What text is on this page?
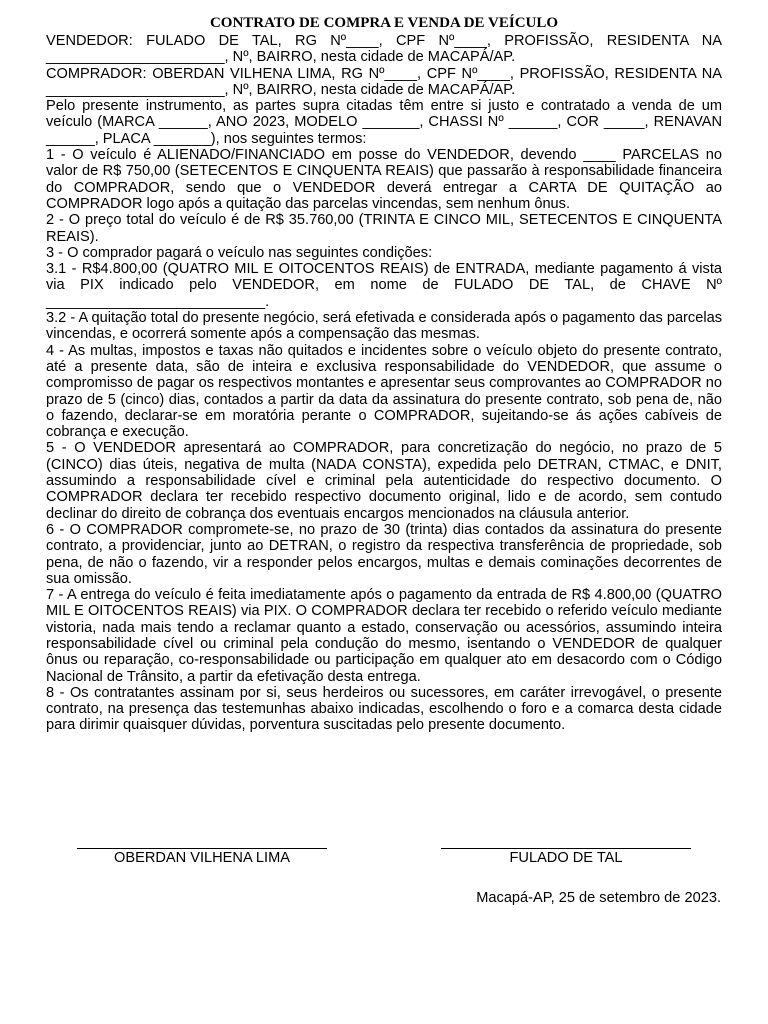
CONTRATO DE COMPRA E VENDA DE VEÍCULO

VENDEDOR: FULADO DE TAL, RG Nº____, CPF Nº____, PROFISSÃO, RESIDENTA NA ______________________, Nº, BAIRRO, nesta cidade de MACAPÁ/AP.

COMPRADOR: OBERDAN VILHENA LIMA, RG Nº____, CPF Nº____, PROFISSÃO, RESIDENTA NA ______________________, Nº, BAIRRO, nesta cidade de MACAPÁ/AP.

Pelo presente instrumento, as partes supra citadas têm entre si justo e contratado a venda de um veículo (MARCA ______, ANO 2023, MODELO _______, CHASSI Nº ______, COR _____, RENAVAN ______, PLACA _______), nos seguintes termos:

1 - O veículo é ALIENADO/FINANCIADO em posse do VENDEDOR, devendo ____ PARCELAS no valor de R$ 750,00 (SETECENTOS E CINQUENTA REAIS) que passarão à responsabilidade financeira do COMPRADOR, sendo que o VENDEDOR deverá entregar a CARTA DE QUITAÇÃO ao COMPRADOR logo após a quitação das parcelas vincendas, sem nenhum ônus.

2 - O preço total do veículo é de R$ 35.760,00 (TRINTA E CINCO MIL, SETECENTOS E CINQUENTA REAIS).

3 - O comprador pagará o veículo nas seguintes condições:

3.1 - R$4.800,00 (QUATRO MIL E OITOCENTOS REAIS) de ENTRADA, mediante pagamento á vista via PIX indicado pelo VENDEDOR, em nome de FULADO DE TAL, de CHAVE Nº ___________________________.

3.2 - A quitação total do presente negócio, será efetivada e considerada após o pagamento das parcelas vincendas, e ocorrerá somente após a compensação das mesmas.

4 - As multas, impostos e taxas não quitados e incidentes sobre o veículo objeto do presente contrato, até a presente data, são de inteira e exclusiva responsabilidade do VENDEDOR, que assume o compromisso de pagar os respectivos montantes e apresentar seus comprovantes ao COMPRADOR no prazo de 5 (cinco) dias, contados a partir da data da assinatura do presente contrato, sob pena de, não o fazendo, declarar-se em moratória perante o COMPRADOR, sujeitando-se ás ações cabíveis de cobrança e execução.

5 - O VENDEDOR apresentará ao COMPRADOR, para concretização do negócio, no prazo de 5 (CINCO) dias úteis, negativa de multa (NADA CONSTA), expedida pelo DETRAN, CTMAC, e DNIT, assumindo a responsabilidade cível e criminal pela autenticidade do respectivo documento. O COMPRADOR declara ter recebido respectivo documento original, lido e de acordo, sem contudo declinar do direito de cobrança dos eventuais encargos mencionados na cláusula anterior.

6 - O COMPRADOR compromete-se, no prazo de 30 (trinta) dias contados da assinatura do presente contrato, a providenciar, junto ao DETRAN, o registro da respectiva transferência de propriedade, sob pena, de não o fazendo, vir a responder pelos encargos, multas e demais cominações decorrentes de sua omissão.

7 - A entrega do veículo é feita imediatamente após o pagamento da entrada de R$ 4.800,00 (QUATRO MIL E OITOCENTOS REAIS) via PIX. O COMPRADOR declara ter recebido o referido veículo mediante vistoria, nada mais tendo a reclamar quanto a estado, conservação ou acessórios, assumindo inteira responsabilidade cível ou criminal pela condução do mesmo, isentando o VENDEDOR de qualquer ônus ou reparação, co-responsabilidade ou participação em qualquer ato em desacordo com o Código Nacional de Trânsito, a partir da efetivação desta entrega.

8 - Os contratantes assinam por si, seus herdeiros ou sucessores, em caráter irrevogável, o presente contrato, na presença das testemunhas abaixo indicadas, escolhendo o foro e a comarca desta cidade para dirimir quaisquer dúvidas, porventura suscitadas pelo presente documento.

OBERDAN VILHENA LIMA	FULADO DE TAL
Macapá-AP, 25 de setembro de 2023.
